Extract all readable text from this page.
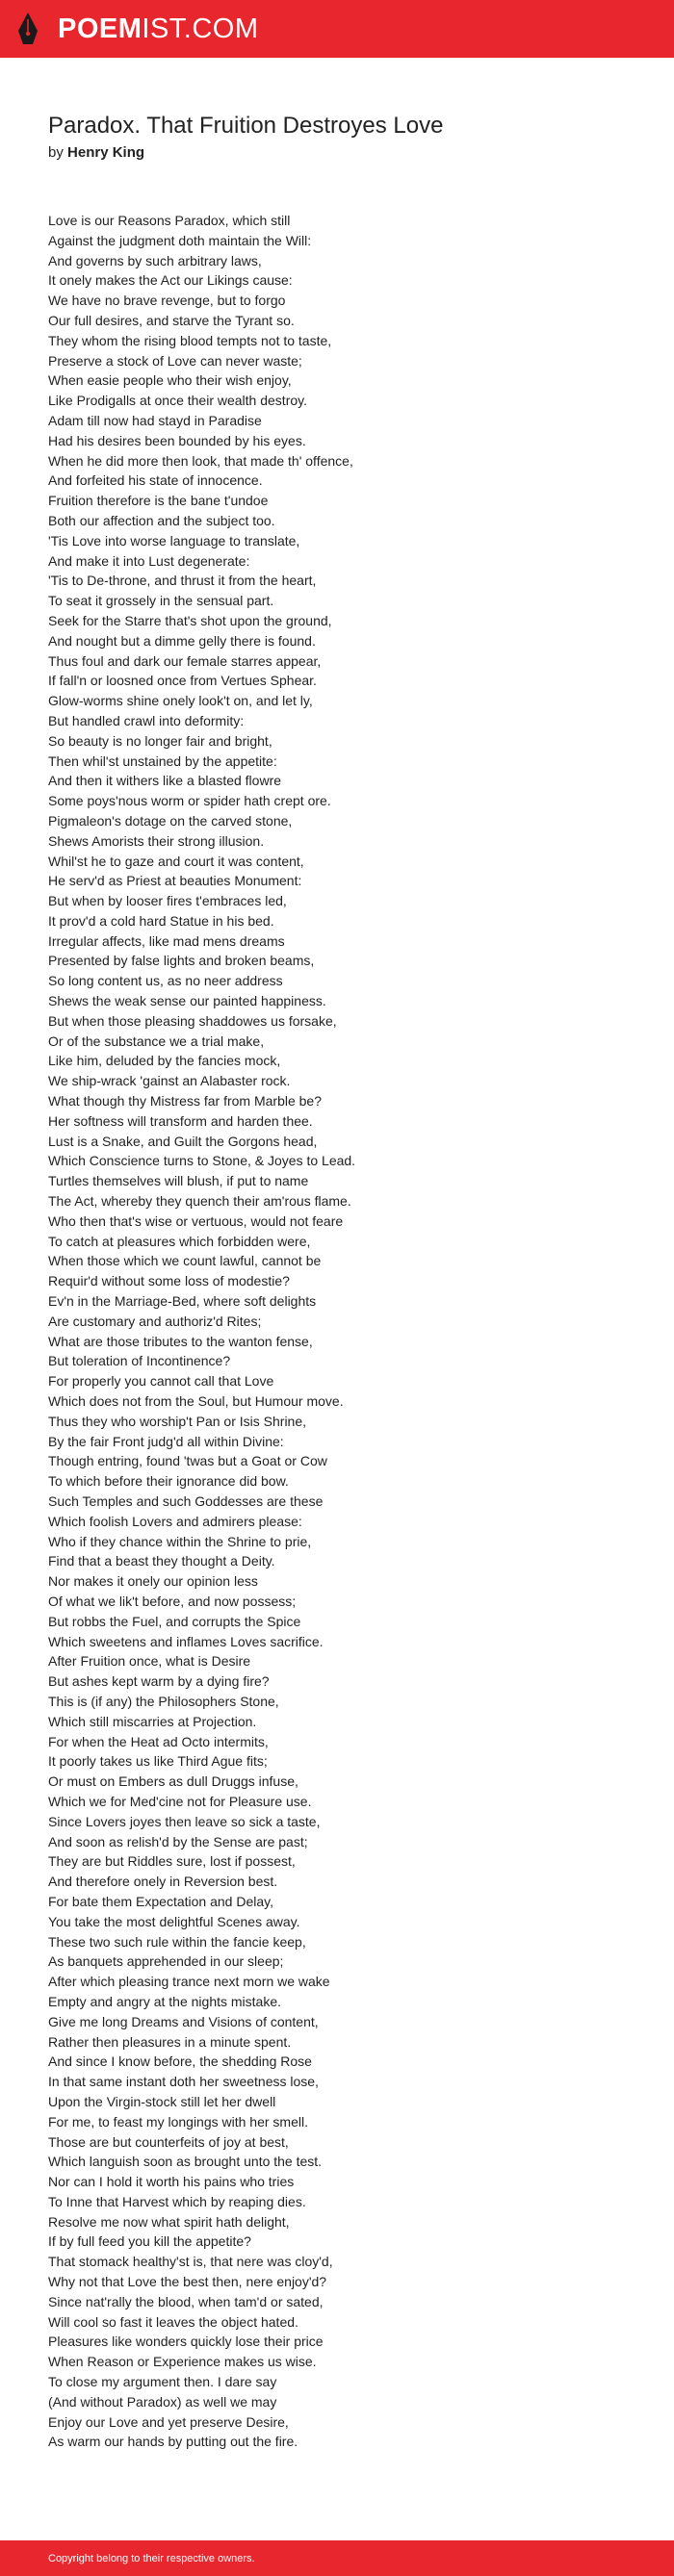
POEMIST.COM
Paradox. That Fruition Destroyes Love
by Henry King
Love is our Reasons Paradox, which still
Against the judgment doth maintain the Will:
And governs by such arbitrary laws,
It onely makes the Act our Likings cause:
We have no brave revenge, but to forgo
Our full desires, and starve the Tyrant so.
They whom the rising blood tempts not to taste,
Preserve a stock of Love can never waste;
When easie people who their wish enjoy,
Like Prodigalls at once their wealth destroy.
Adam till now had stayd in Paradise
Had his desires been bounded by his eyes.
When he did more then look, that made th' offence,
And forfeited his state of innocence.
Fruition therefore is the bane t'undoe
Both our affection and the subject too.
'Tis Love into worse language to translate,
And make it into Lust degenerate:
'Tis to De-throne, and thrust it from the heart,
To seat it grossely in the sensual part.
Seek for the Starre that's shot upon the ground,
And nought but a dimme gelly there is found.
Thus foul and dark our female starres appear,
If fall'n or loosned once from Vertues Sphear.
Glow-worms shine onely look't on, and let ly,
But handled crawl into deformity:
So beauty is no longer fair and bright,
Then whil'st unstained by the appetite:
And then it withers like a blasted flowre
Some poys'nous worm or spider hath crept ore.
Pigmaleon's dotage on the carved stone,
Shews Amorists their strong illusion.
Whil'st he to gaze and court it was content,
He serv'd as Priest at beauties Monument:
But when by looser fires t'embraces led,
It prov'd a cold hard Statue in his bed.
Irregular affects, like mad mens dreams
Presented by false lights and broken beams,
So long content us, as no neer address
Shews the weak sense our painted happiness.
But when those pleasing shaddowes us forsake,
Or of the substance we a trial make,
Like him, deluded by the fancies mock,
We ship-wrack 'gainst an Alabaster rock.
What though thy Mistress far from Marble be?
Her softness will transform and harden thee.
Lust is a Snake, and Guilt the Gorgons head,
Which Conscience turns to Stone, & Joyes to Lead.
Turtles themselves will blush, if put to name
The Act, whereby they quench their am'rous flame.
Who then that's wise or vertuous, would not feare
To catch at pleasures which forbidden were,
When those which we count lawful, cannot be
Requir'd without some loss of modestie?
Ev'n in the Marriage-Bed, where soft delights
Are customary and authoriz'd Rites;
What are those tributes to the wanton fense,
But toleration of Incontinence?
For properly you cannot call that Love
Which does not from the Soul, but Humour move.
Thus they who worship't Pan or Isis Shrine,
By the fair Front judg'd all within Divine:
Though entring, found 'twas but a Goat or Cow
To which before their ignorance did bow.
Such Temples and such Goddesses are these
Which foolish Lovers and admirers please:
Who if they chance within the Shrine to prie,
Find that a beast they thought a Deity.
Nor makes it onely our opinion less
Of what we lik't before, and now possess;
But robbs the Fuel, and corrupts the Spice
Which sweetens and inflames Loves sacrifice.
After Fruition once, what is Desire
But ashes kept warm by a dying fire?
This is (if any) the Philosophers Stone,
Which still miscarries at Projection.
For when the Heat ad Octo intermits,
It poorly takes us like Third Ague fits;
Or must on Embers as dull Druggs infuse,
Which we for Med'cine not for Pleasure use.
Since Lovers joyes then leave so sick a taste,
And soon as relish'd by the Sense are past;
They are but Riddles sure, lost if possest,
And therefore onely in Reversion best.
For bate them Expectation and Delay,
You take the most delightful Scenes away.
These two such rule within the fancie keep,
As banquets apprehended in our sleep;
After which pleasing trance next morn we wake
Empty and angry at the nights mistake.
Give me long Dreams and Visions of content,
Rather then pleasures in a minute spent.
And since I know before, the shedding Rose
In that same instant doth her sweetness lose,
Upon the Virgin-stock still let her dwell
For me, to feast my longings with her smell.
Those are but counterfeits of joy at best,
Which languish soon as brought unto the test.
Nor can I hold it worth his pains who tries
To Inne that Harvest which by reaping dies.
Resolve me now what spirit hath delight,
If by full feed you kill the appetite?
That stomack healthy'st is, that nere was cloy'd,
Why not that Love the best then, nere enjoy'd?
Since nat'rally the blood, when tam'd or sated,
Will cool so fast it leaves the object hated.
Pleasures like wonders quickly lose their price
When Reason or Experience makes us wise.
To close my argument then. I dare say
(And without Paradox) as well we may
Enjoy our Love and yet preserve Desire,
As warm our hands by putting out the fire.
Copyright belong to their respective owners.
